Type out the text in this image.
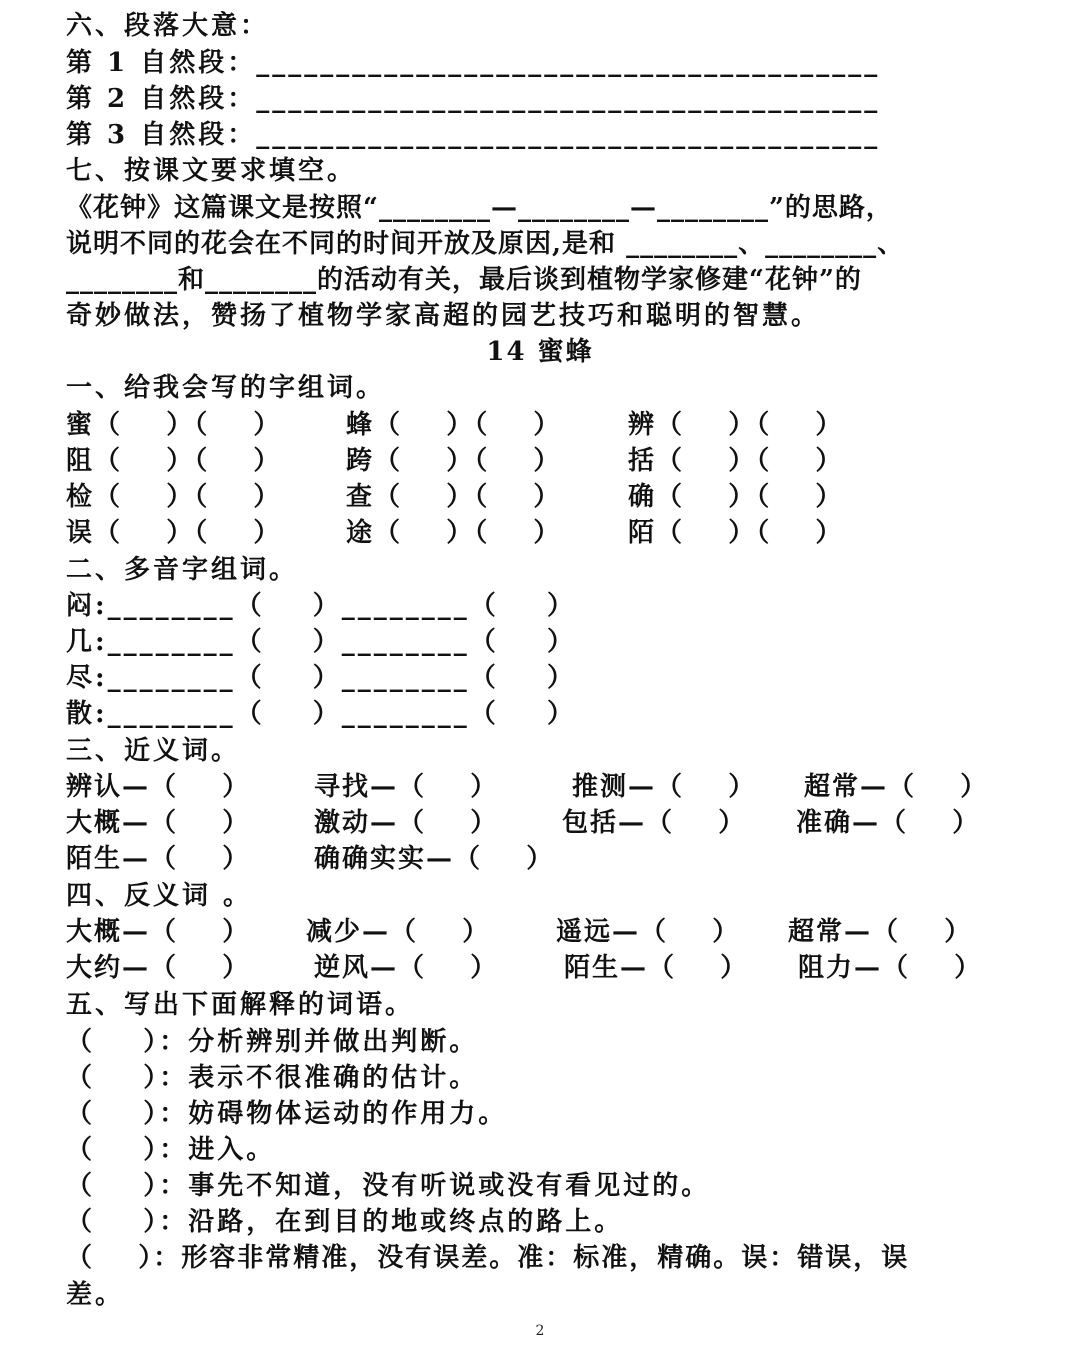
六、段落大意：
第 1 自然段：_______________________________________
第 2 自然段：_______________________________________
第 3 自然段：_______________________________________
七、按课文要求填空。
《花钟》这篇课文是按照“________—________—________”的思路，
说明不同的花会在不同的时间开放及原因,是和 ________、________、
________和________的活动有关，最后谈到植物学家修建“花钟”的
奇妙做法，赞扬了植物学家高超的园艺技巧和聪明的智慧。
14 蜜蜂
一、给我会写的字组词。
蜜（    ）（    ） 蜂（    ）（    ）	辨（    ）（    ）
阻（    ）（    ） 跨（    ）（    ）	括（    ）（    ）
检（    ）（    ） 查（    ）（    ）	确（    ）（    ）
误（    ）（    ） 途（    ）（    ）	陌（    ）（    ）
二、多音字组词。
闷:________（    ）________（    ）
几:________（    ）________（    ）
尽:________（    ）________（    ）
散:________（    ）________（    ）
三、近义词。
辨认—（    ） 寻找—（    ）	推测—（    ） 超常—（    ）
大概—（    ） 激动—（    ） 包括—（    ） 准确—（    ）
陌生—（    ） 确确实实—（    ）
四、反义词 。
大概—（    ） 减少—（    ）	遥远—（    ） 超常—（    ）
大约—（    ） 逆风—（    ）	陌生—（    ） 阻力—（    ）
五、写出下面解释的词语。
（    ）：分析辨别并做出判断。
（    ）：表示不很准确的估计。
（    ）：妨碍物体运动的作用力。
（    ）：进入。
（    ）：事先不知道，没有听说或没有看见过的。
（    ）：沿路，在到目的地或终点的路上。
（    ）：形容非常精准，没有误差。准：标准，精确。误：错误，误
差。
2
